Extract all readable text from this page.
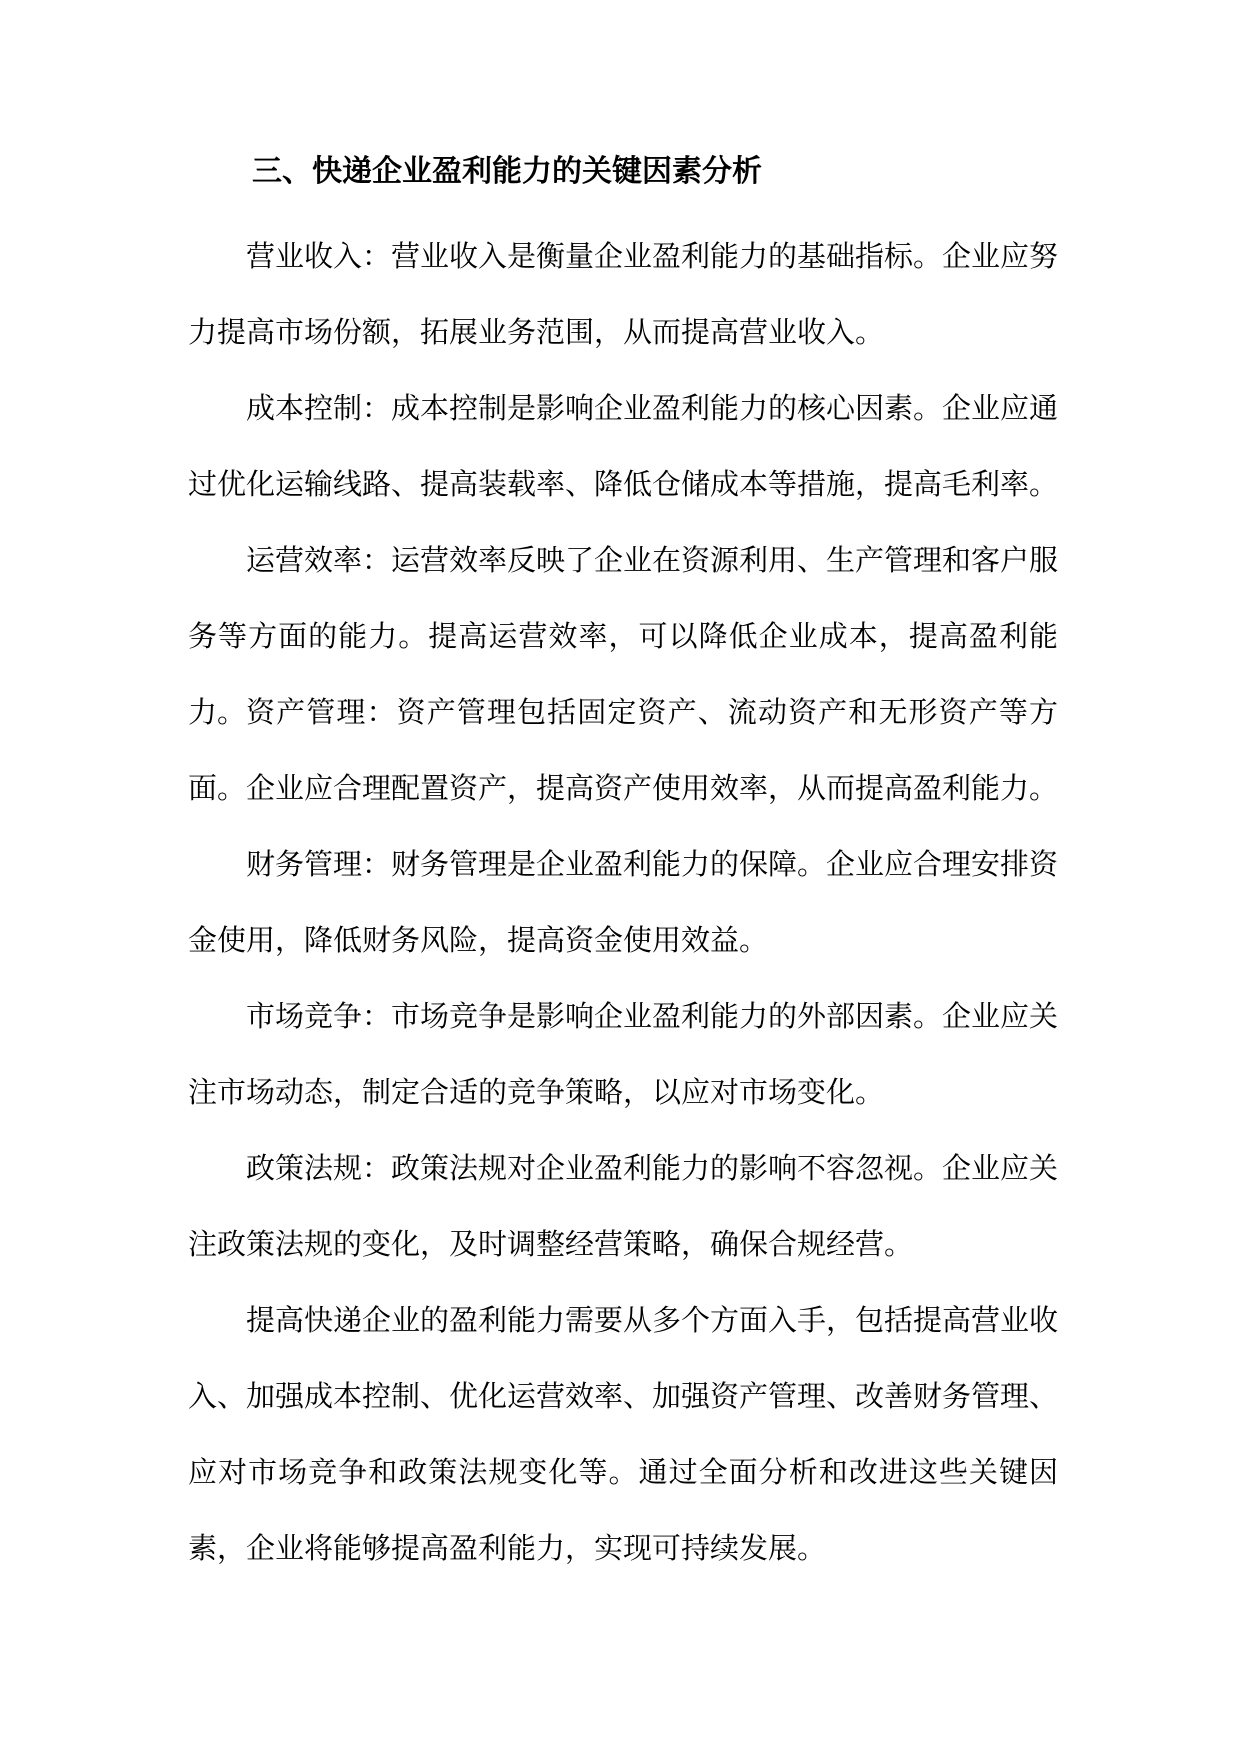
三、快递企业盈利能力的关键因素分析

营业收入：营业收入是衡量企业盈利能力的基础指标。企业应努力提高市场份额，拓展业务范围，从而提高营业收入。

成本控制：成本控制是影响企业盈利能力的核心因素。企业应通过优化运输线路、提高装载率、降低仓储成本等措施，提高毛利率。

运营效率：运营效率反映了企业在资源利用、生产管理和客户服务等方面的能力。提高运营效率，可以降低企业成本，提高盈利能力。 资产管理：资产管理包括固定资产、流动资产和无形资产等方面。企业应合理配置资产，提高资产使用效率，从而提高盈利能力。

财务管理：财务管理是企业盈利能力的保障。企业应合理安排资金使用，降低财务风险，提高资金使用效益。

市场竞争：市场竞争是影响企业盈利能力的外部因素。企业应关注市场动态，制定合适的竞争策略，以应对市场变化。

政策法规：政策法规对企业盈利能力的影响不容忽视。企业应关注政策法规的变化，及时调整经营策略，确保合规经营。

提高快递企业的盈利能力需要从多个方面入手，包括提高营业收入、加强成本控制、优化运营效率、加强资产管理、改善财务管理、应对市场竞争和政策法规变化等。通过全面分析和改进这些关键因素，企业将能够提高盈利能力，实现可持续发展。
